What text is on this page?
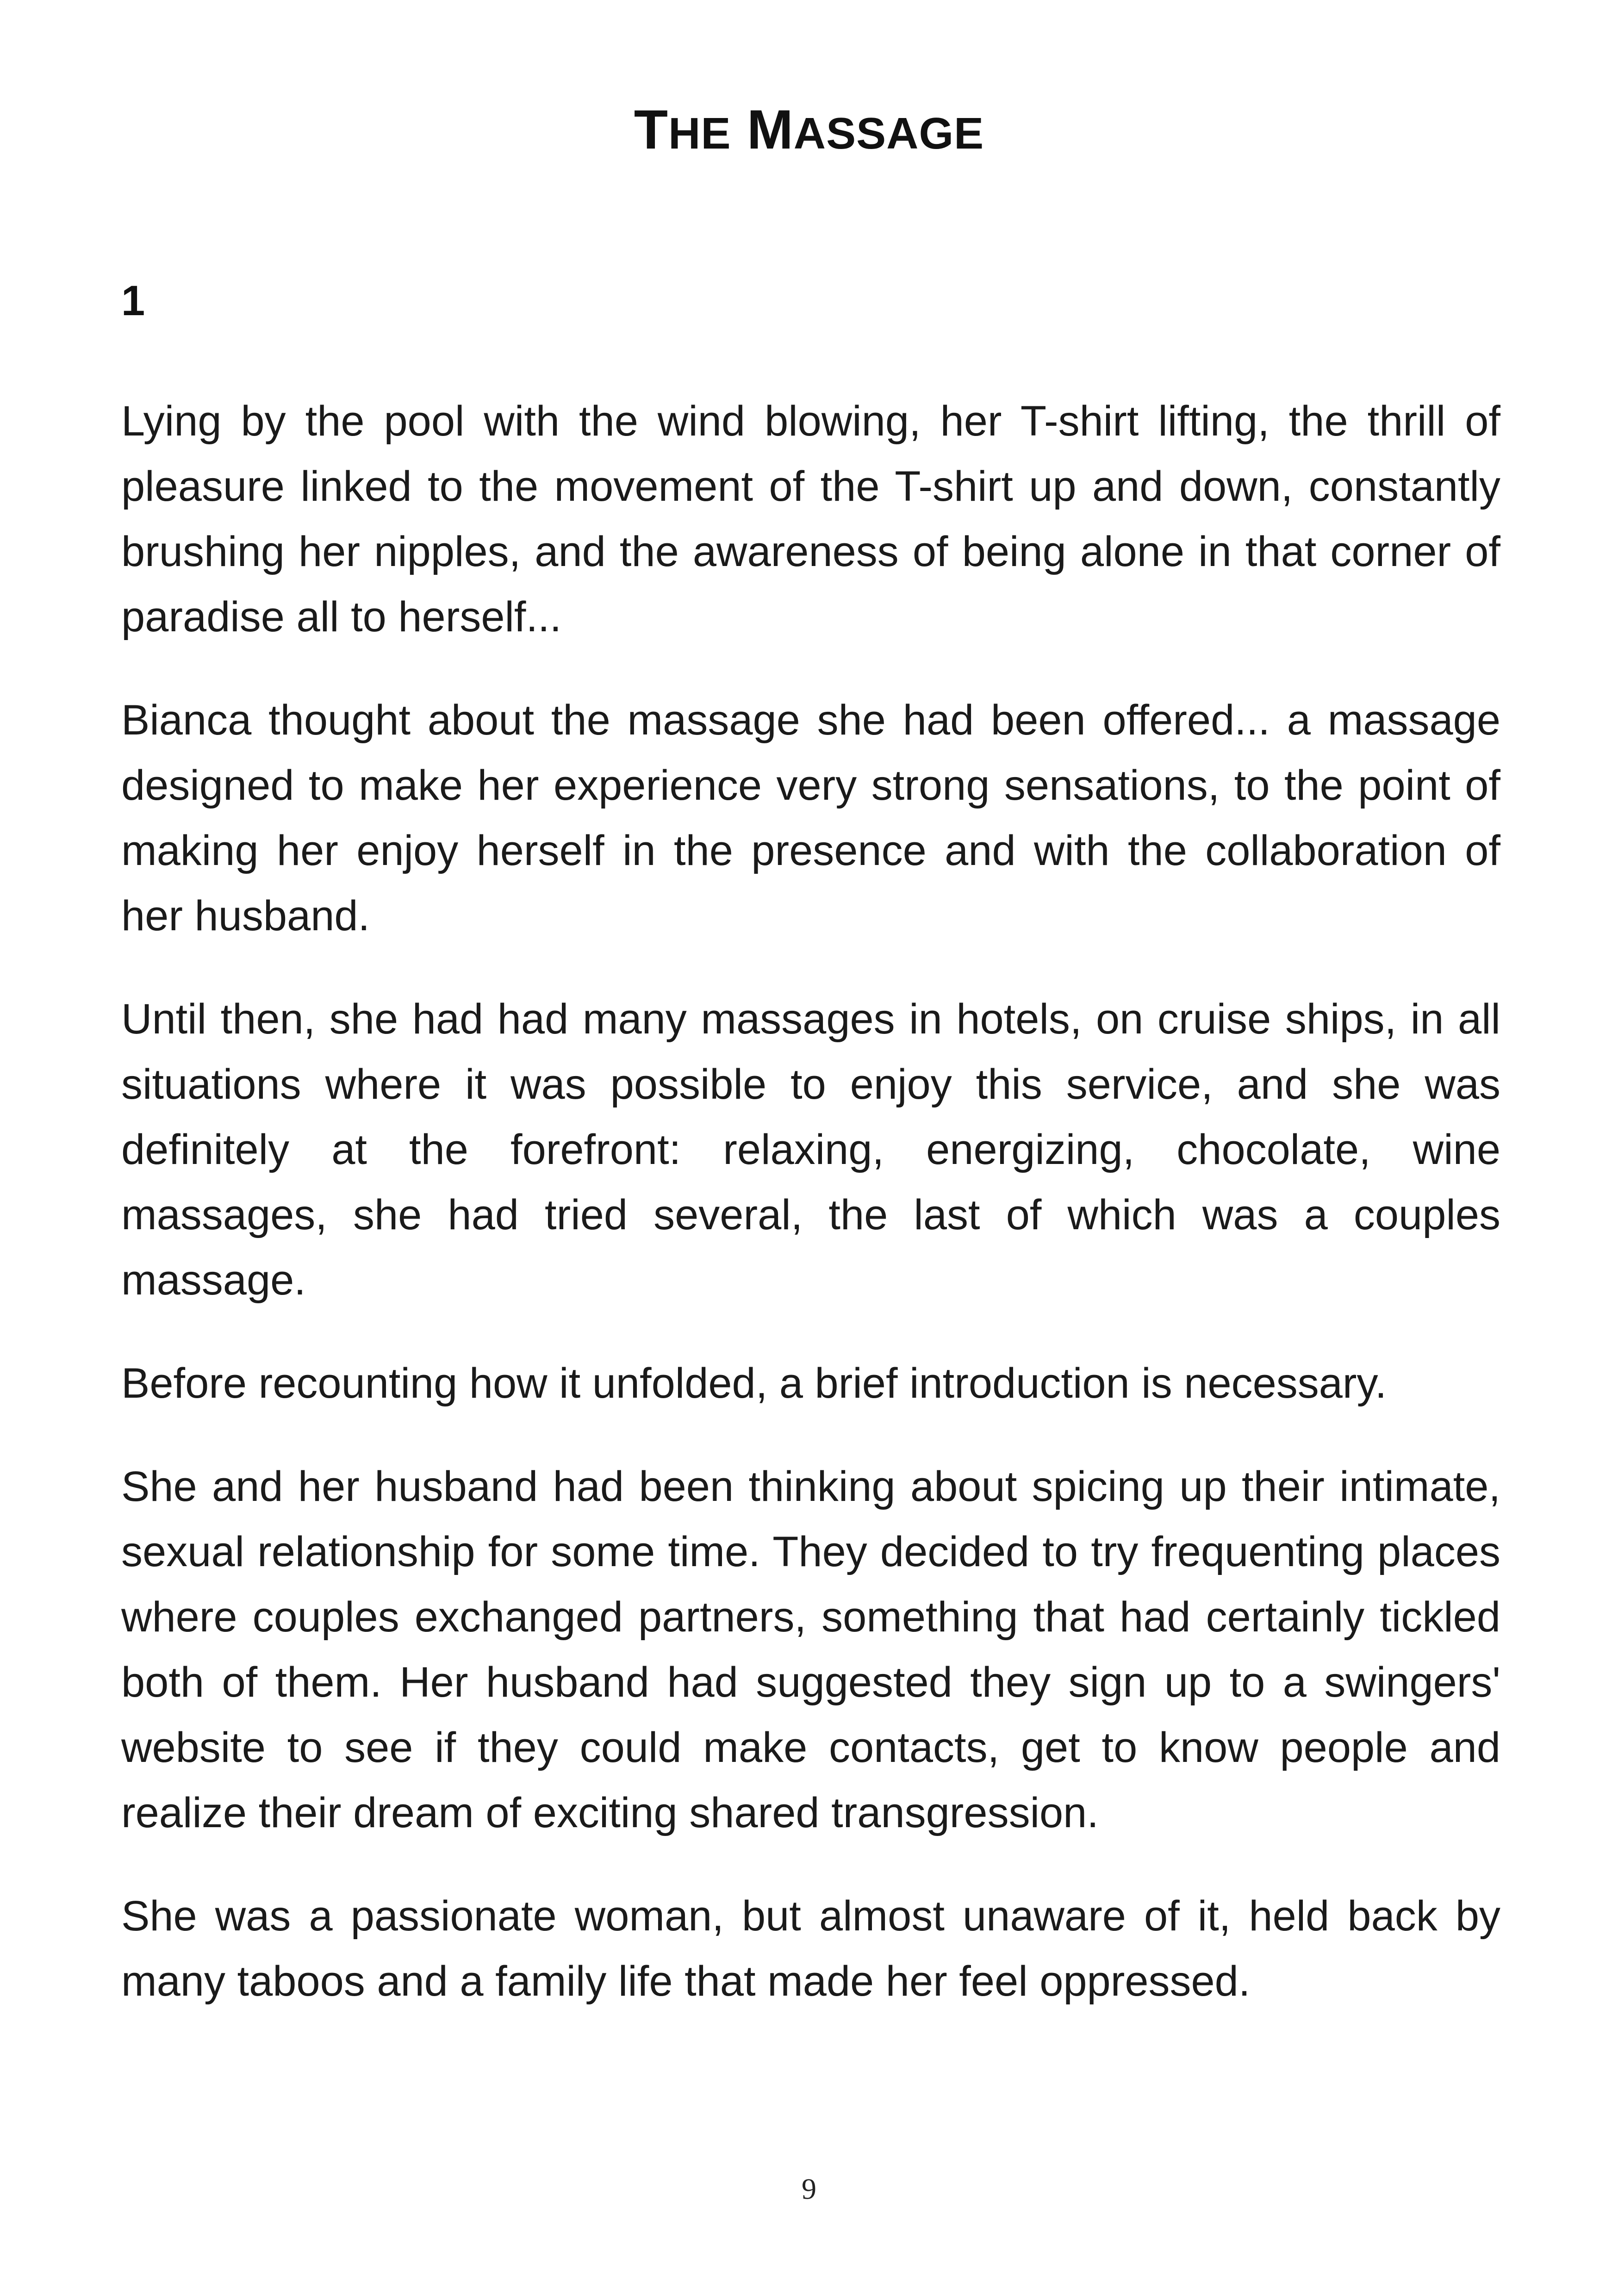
THE MASSAGE
1

Lying by the pool with the wind blowing, her T-shirt lifting, the thrill of pleasure linked to the movement of the T-shirt up and down, constantly brushing her nipples, and the awareness of being alone in that corner of paradise all to herself...

Bianca thought about the massage she had been offered... a massage designed to make her experience very strong sensations, to the point of making her enjoy herself in the presence and with the collaboration of her husband.

Until then, she had had many massages in hotels, on cruise ships, in all situations where it was possible to enjoy this service, and she was definitely at the forefront: relaxing, energizing, chocolate, wine massages, she had tried several, the last of which was a couples massage.

Before recounting how it unfolded, a brief introduction is necessary.

She and her husband had been thinking about spicing up their intimate, sexual relationship for some time. They decided to try frequenting places where couples exchanged partners, something that had certainly tickled both of them. Her husband had suggested they sign up to a swingers' website to see if they could make contacts, get to know people and realize their dream of exciting shared transgression.

She was a passionate woman, but almost unaware of it, held back by many taboos and a family life that made her feel oppressed.

9
